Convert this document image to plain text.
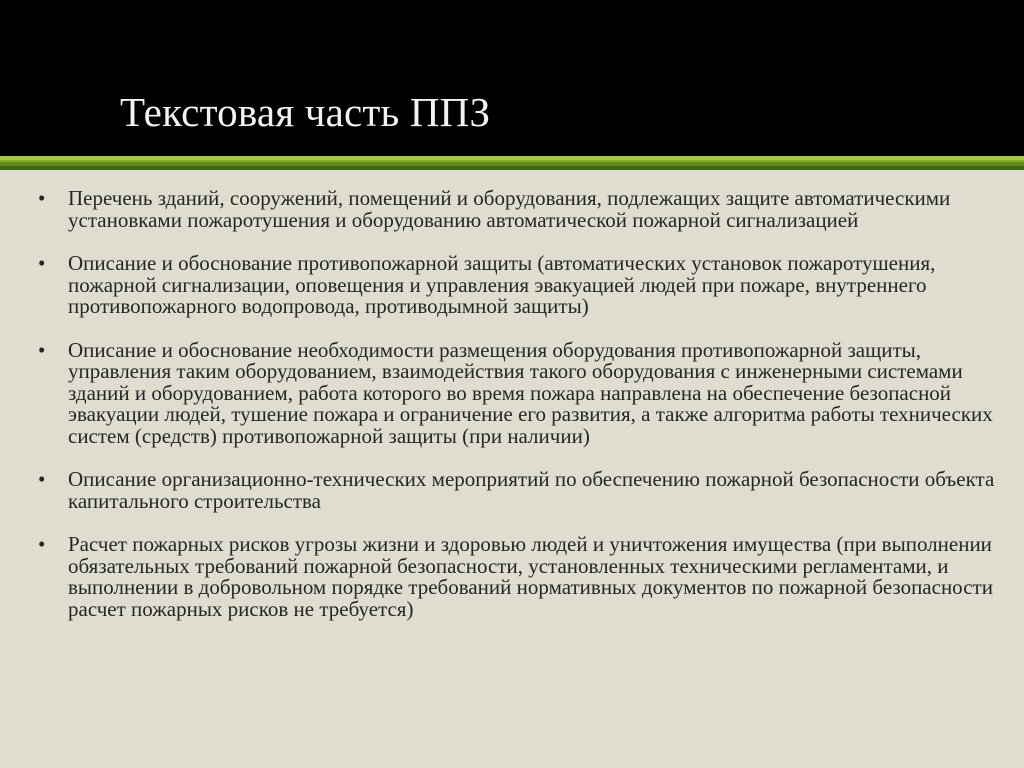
Текстовая часть ППЗ
•	Перечень зданий, сооружений, помещений и оборудования, подлежащих защите автоматическими установками пожаротушения и оборудованию автоматической пожарной сигнализацией
•	Описание и обоснование противопожарной защиты (автоматических установок пожаротушения, пожарной сигнализации, оповещения и управления эвакуацией людей при пожаре, внутреннего противопожарного водопровода, противодымной защиты)
•	Описание и обоснование необходимости размещения оборудования противопожарной защиты, управления таким оборудованием, взаимодействия такого оборудования с инженерными системами зданий и оборудованием, работа которого во время пожара направлена на обеспечение безопасной эвакуации людей, тушение пожара и ограничение его развития, а также алгоритма работы технических систем (средств) противопожарной защиты (при наличии)
•	Описание организационно-технических мероприятий по обеспечению пожарной безопасности объекта капитального строительства
•	Расчет пожарных рисков угрозы жизни и здоровью людей и уничтожения имущества (при выполнении обязательных требований пожарной безопасности, установленных техническими регламентами, и выполнении в добровольном порядке требований нормативных документов по пожарной безопасности расчет пожарных рисков не требуется)
